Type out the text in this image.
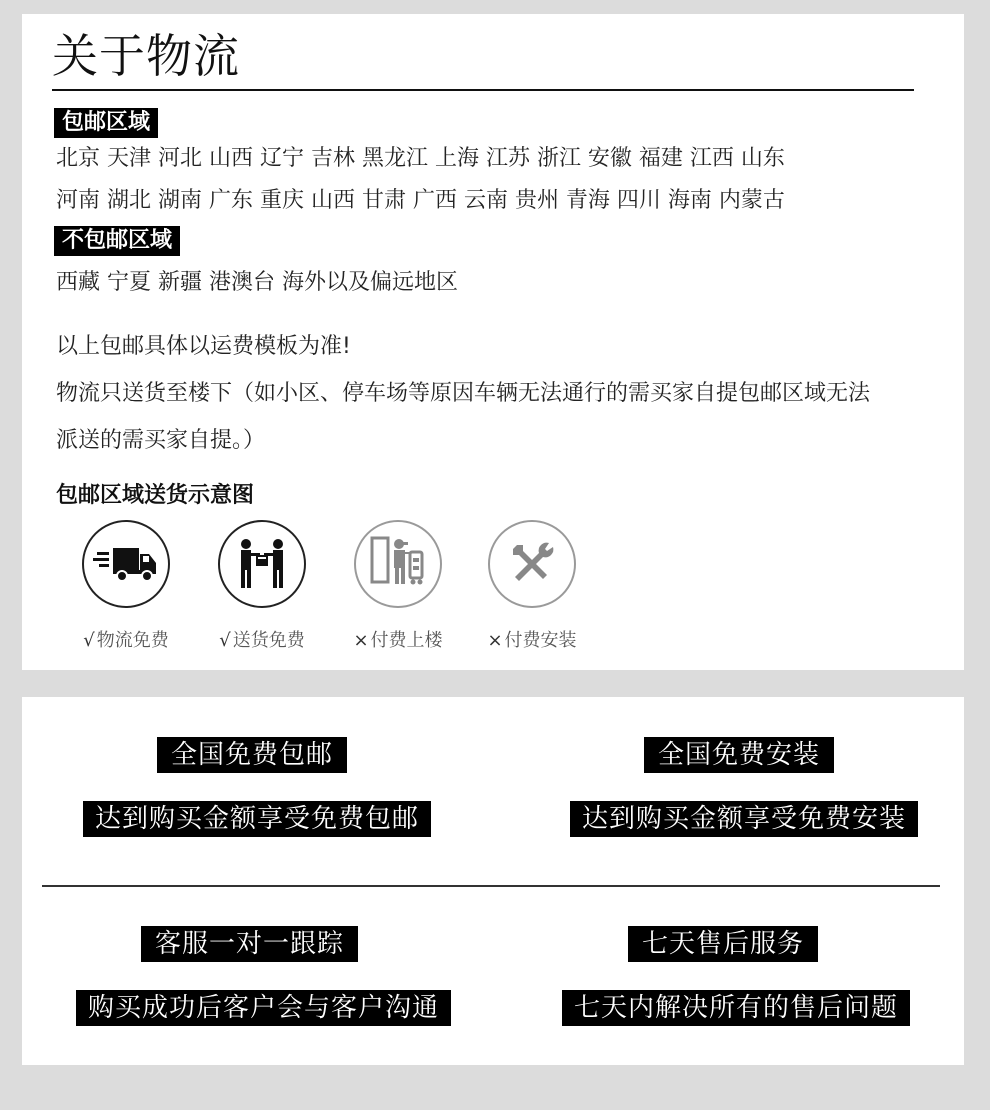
关于物流
包邮区域
北京 天津 河北 山西 辽宁 吉林 黑龙江 上海 江苏 浙江 安徽 福建 江西 山东
河南 湖北 湖南 广东 重庆 山西 甘肃 广西 云南 贵州 青海 四川 海南 内蒙古
不包邮区域
西藏 宁夏 新疆 港澳台 海外以及偏远地区
以上包邮具体以运费模板为准!
物流只送货至楼下（如小区、停车场等原因车辆无法通行的需买家自提包邮区域无法
派送的需买家自提。）
包邮区域送货示意图
√ 物流免费	√ 送货免费	× 付费上楼	× 付费安装
全国免费包邮
达到购买金额享受免费包邮
全国免费安装
达到购买金额享受免费安装
客服一对一跟踪
购买成功后客户会与客户沟通
七天售后服务
七天内解决所有的售后问题
